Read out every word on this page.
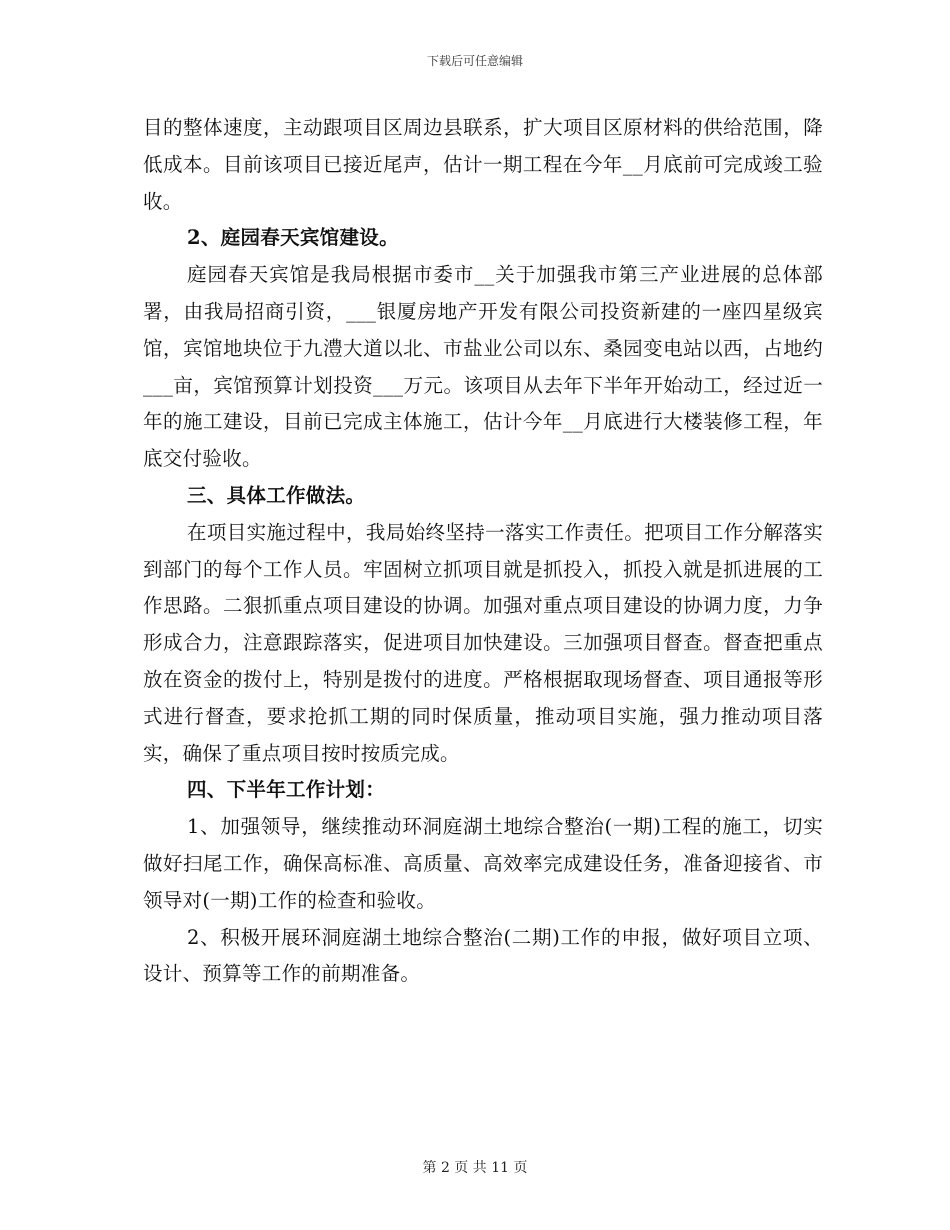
下载后可任意编辑

目的整体速度，主动跟项目区周边县联系，扩大项目区原材料的供给范围，降低成本。目前该项目已接近尾声，估计一期工程在今年__月底前可完成竣工验收。

2、庭园春天宾馆建设。

庭园春天宾馆是我局根据市委市__关于加强我市第三产业进展的总体部署，由我局招商引资，___银厦房地产开发有限公司投资新建的一座四星级宾馆，宾馆地块位于九澧大道以北、市盐业公司以东、桑园变电站以西，占地约___亩，宾馆预算计划投资___万元。该项目从去年下半年开始动工，经过近一年的施工建设，目前已完成主体施工，估计今年__月底进行大楼装修工程，年底交付验收。

三、具体工作做法。

在项目实施过程中，我局始终坚持一落实工作责任。把项目工作分解落实到部门的每个工作人员。牢固树立抓项目就是抓投入，抓投入就是抓进展的工作思路。二狠抓重点项目建设的协调。加强对重点项目建设的协调力度，力争形成合力，注意跟踪落实，促进项目加快建设。三加强项目督查。督查把重点放在资金的拨付上，特别是拨付的进度。严格根据取现场督查、项目通报等形式进行督查，要求抢抓工期的同时保质量，推动项目实施，强力推动项目落实，确保了重点项目按时按质完成。

四、下半年工作计划：

1、加强领导，继续推动环洞庭湖土地综合整治(一期)工程的施工，切实做好扫尾工作，确保高标准、高质量、高效率完成建设任务，准备迎接省、市领导对(一期)工作的检查和验收。

2、积极开展环洞庭湖土地综合整治(二期)工作的申报，做好项目立项、设计、预算等工作的前期准备。

第 2 页 共 11 页
